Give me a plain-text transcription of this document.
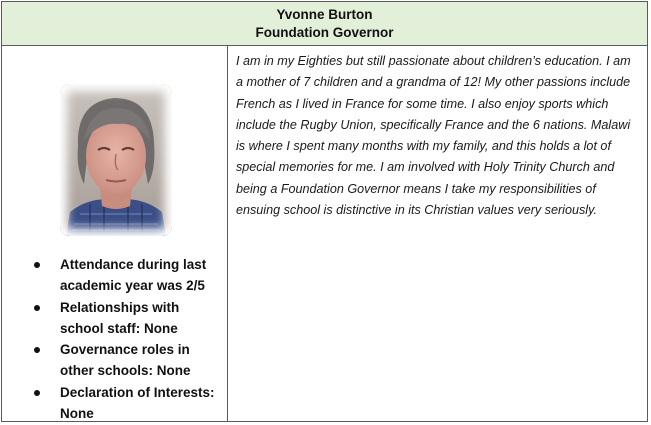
Yvonne Burton
Foundation Governor
Attendance during last academic year was 2/5
Relationships with school staff: None
Governance roles in other schools: None
Declaration of Interests: None

I am in my Eighties but still passionate about children’s education. I am a mother of 7 children and a grandma of 12! My other passions include French as I lived in France for some time. I also enjoy sports which include the Rugby Union, specifically France and the 6 nations. Malawi is where I spent many months with my family, and this holds a lot of special memories for me. I am involved with Holy Trinity Church and being a Foundation Governor means I take my responsibilities of ensuing school is distinctive in its Christian values very seriously.
